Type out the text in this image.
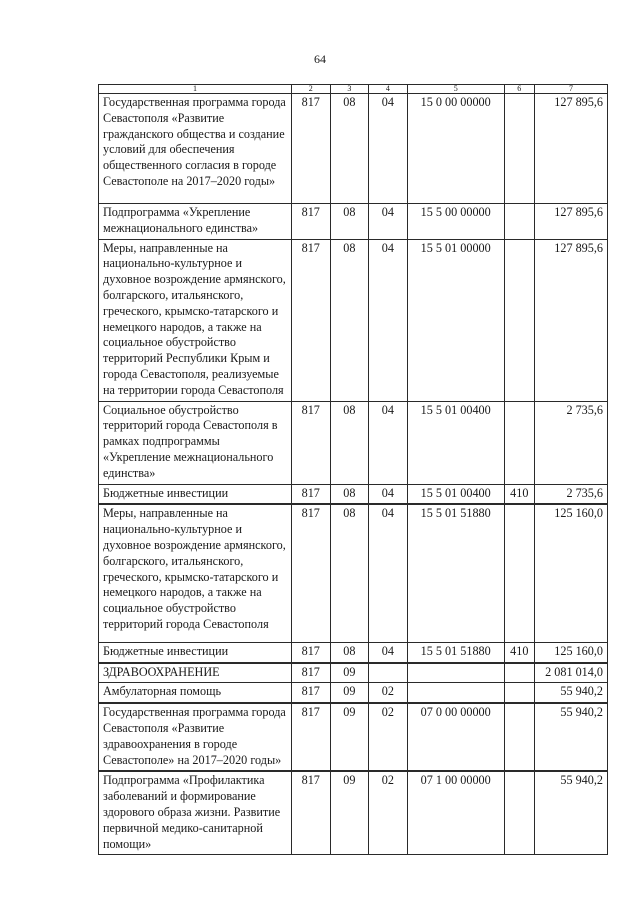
64
1	2	3	4	5	6	7
Государственная программа города Севастополя «Развитие гражданского общества и создание условий для обеспечения общественного согласия в городе Севастополе на 2017–2020 годы»	817	08	04	15 0 00 00000		127 895,6
Подпрограмма «Укрепление межнационального единства»	817	08	04	15 5 00 00000		127 895,6
Меры, направленные на национально-культурное и духовное возрождение армянского, болгарского, итальянского, греческого, крымско-татарского и немецкого народов, а также на социальное обустройство территорий Республики Крым и города Севастополя, реализуемые на территории города Севастополя	817	08	04	15 5 01 00000		127 895,6
Социальное обустройство территорий города Севастополя в рамках подпрограммы «Укрепление межнационального единства»	817	08	04	15 5 01 00400		2 735,6
Бюджетные инвестиции	817	08	04	15 5 01 00400	410	2 735,6
Меры, направленные на национально-культурное и духовное возрождение армянского, болгарского, итальянского, греческого, крымско-татарского и немецкого народов, а также на социальное обустройство территорий города Севастополя	817	08	04	15 5 01 51880		125 160,0
Бюджетные инвестиции	817	08	04	15 5 01 51880	410	125 160,0
ЗДРАВООХРАНЕНИЕ	817	09				2 081 014,0
Амбулаторная помощь	817	09	02			55 940,2
Государственная программа города Севастополя «Развитие здравоохранения в городе Севастополе» на 2017–2020 годы»	817	09	02	07 0 00 00000		55 940,2
Подпрограмма «Профилактика заболеваний и формирование здорового образа жизни. Развитие первичной медико-санитарной помощи»	817	09	02	07 1 00 00000		55 940,2
